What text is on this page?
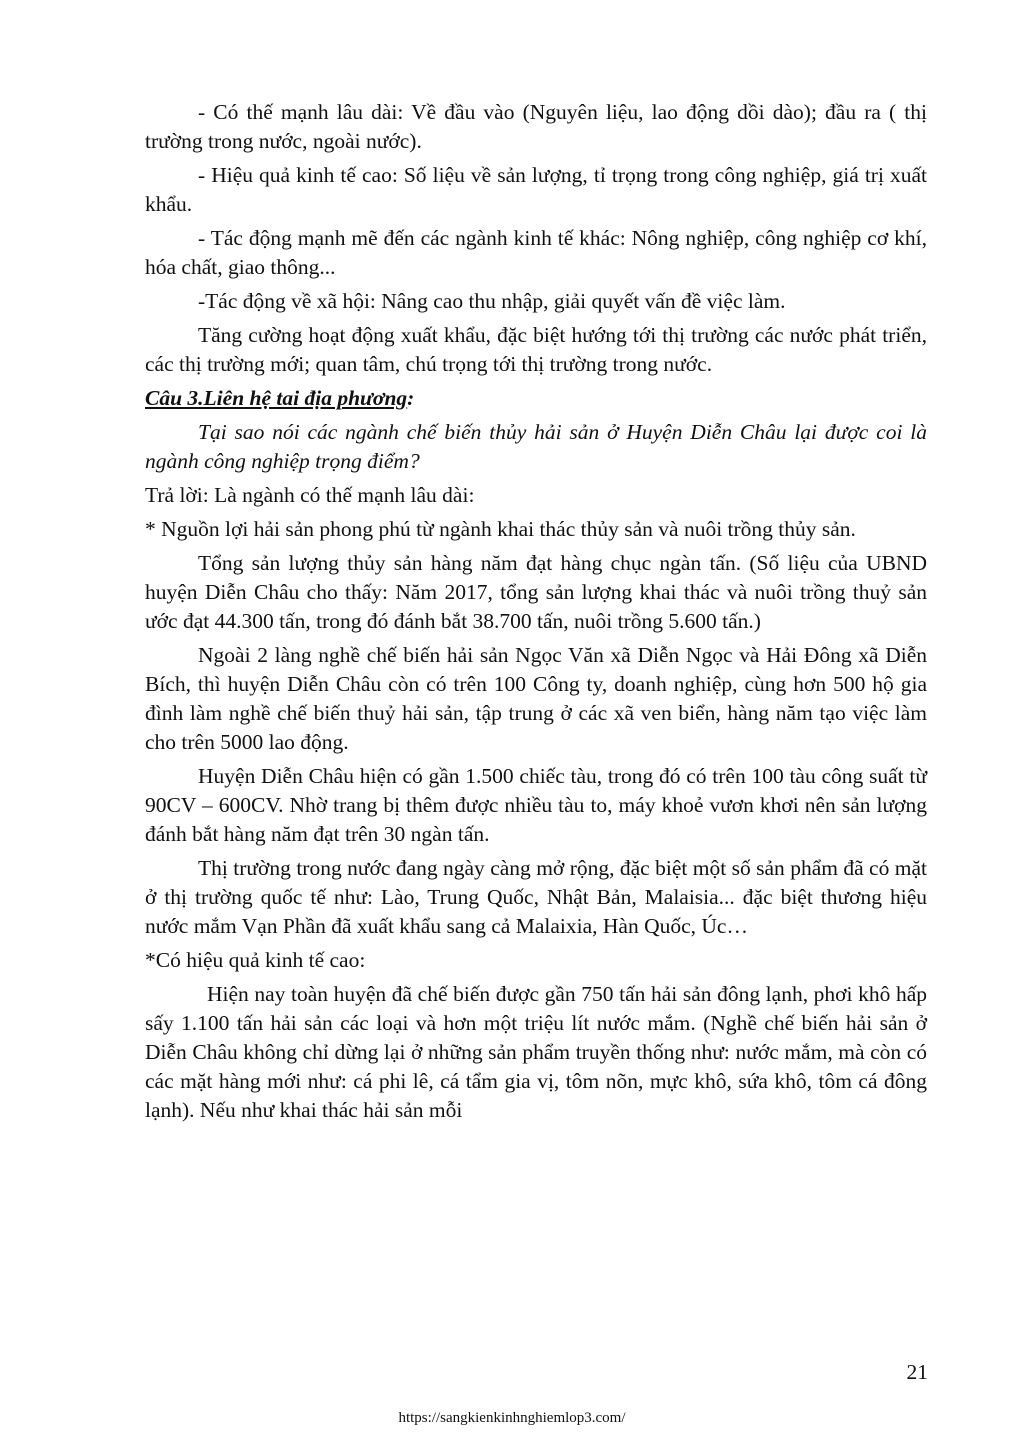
- Có thế mạnh lâu dài: Về đầu vào (Nguyên liệu, lao động dồi dào); đầu ra ( thị trường trong nước, ngoài nước).

- Hiệu quả kinh tế cao: Số liệu về sản lượng, tỉ trọng trong công nghiệp, giá trị xuất khẩu.

- Tác động mạnh mẽ đến các ngành kinh tế khác: Nông nghiệp, công nghiệp cơ khí, hóa chất, giao thông...

-Tác động về xã hội: Nâng cao thu nhập, giải quyết vấn đề việc làm.

Tăng cường hoạt động xuất khẩu, đặc biệt hướng tới thị trường các nước phát triển, các thị trường mới; quan tâm, chú trọng tới thị trường trong nước.

Câu 3.Liên hệ tai địa phương:

Tại sao nói các ngành chế biến thủy hải sản ở Huyện Diễn Châu lại được coi là ngành công nghiệp trọng điểm?

Trả lời: Là ngành có thế mạnh lâu dài:

* Nguồn lợi hải sản phong phú từ ngành khai thác thủy sản và nuôi trồng thủy sản.

Tổng sản lượng thủy sản hàng năm đạt hàng chục ngàn tấn. (Số liệu của UBND huyện Diễn Châu cho thấy: Năm 2017, tổng sản lượng khai thác và nuôi trồng thuỷ sản ước đạt 44.300 tấn, trong đó đánh bắt 38.700 tấn, nuôi trồng 5.600 tấn.)

Ngoài 2 làng nghề chế biến hải sản Ngọc Văn xã Diễn Ngọc và Hải Đông xã Diễn Bích, thì huyện Diễn Châu còn có trên 100 Công ty, doanh nghiệp, cùng hơn 500 hộ gia đình làm nghề chế biến thuỷ hải sản, tập trung ở các xã ven biển, hàng năm tạo việc làm cho trên 5000 lao động.

Huyện Diễn Châu hiện có gần 1.500 chiếc tàu, trong đó có trên 100 tàu công suất từ 90CV – 600CV. Nhờ trang bị thêm được nhiều tàu to, máy khoẻ vươn khơi nên sản lượng đánh bắt hàng năm đạt trên 30 ngàn tấn.

Thị trường trong nước đang ngày càng mở rộng, đặc biệt một số sản phẩm đã có mặt ở thị trường quốc tế như: Lào, Trung Quốc, Nhật Bản, Malaisia... đặc biệt thương hiệu nước mắm Vạn Phần đã xuất khẩu sang cả Malaixia, Hàn Quốc, Úc…

*Có hiệu quả kinh tế cao:

Hiện nay toàn huyện đã chế biến được gần 750 tấn hải sản đông lạnh, phơi khô hấp sấy 1.100 tấn hải sản các loại và hơn một triệu lít nước mắm. (Nghề chế biến hải sản ở Diễn Châu không chỉ dừng lại ở những sản phẩm truyền thống như: nước mắm, mà còn có các mặt hàng mới như: cá phi lê, cá tẩm gia vị, tôm nõn, mực khô, sứa khô, tôm cá đông lạnh). Nếu như khai thác hải sản mỗi

21
https://sangkienkinhnghiemlop3.com/
